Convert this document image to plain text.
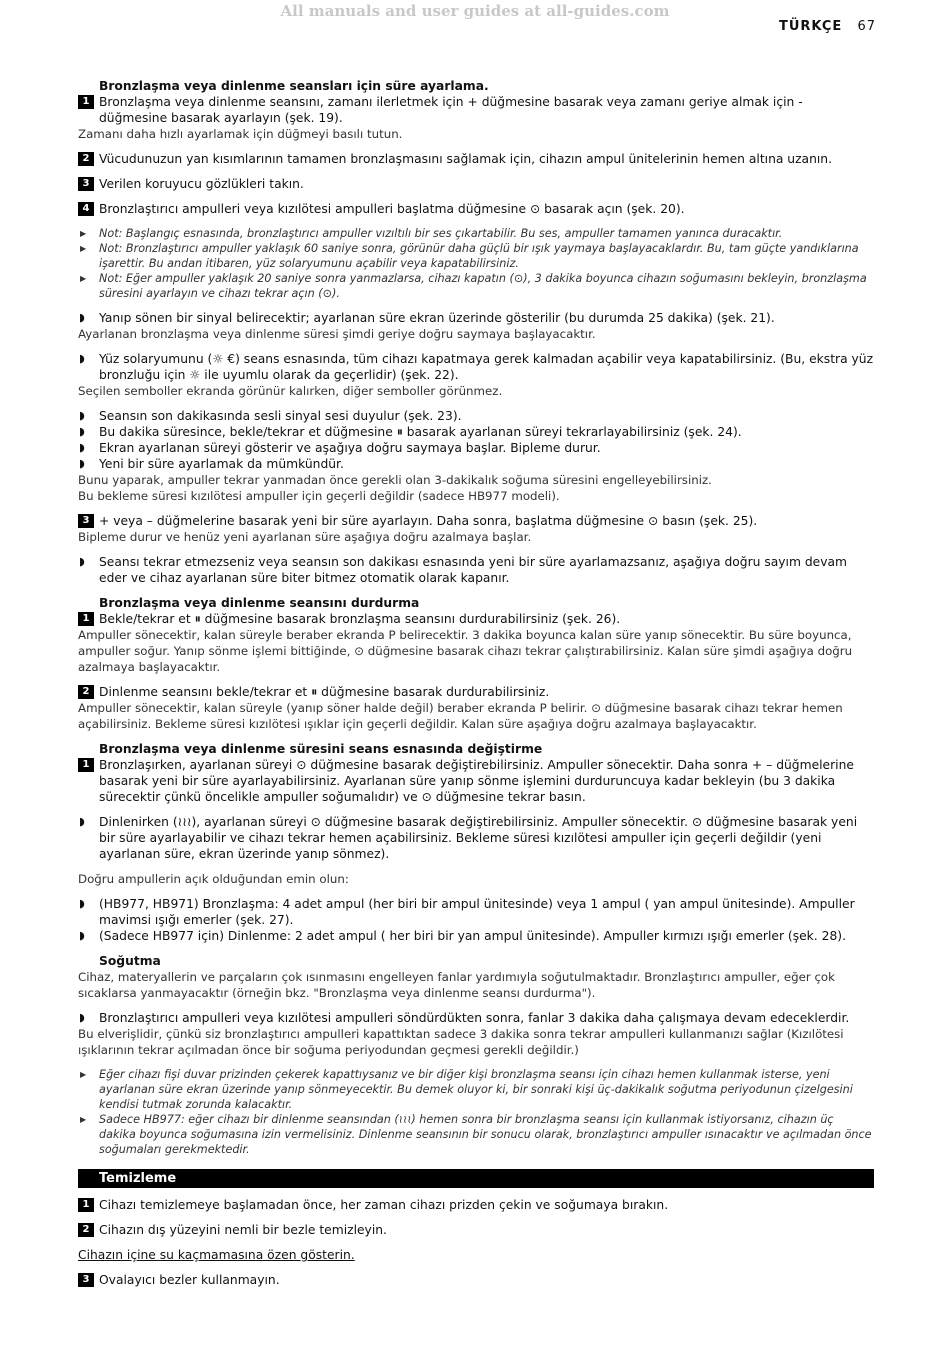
All manuals and user guides at all-guides.com
TÜRKÇE 67
Bronzlaşma veya dinlenme seansları için süre ayarlama.
1 Bronzlaşma veya dinlenme seansını, zamanı ilerletmek için + düğmesine basarak veya zamanı geriye almak için - düğmesine basarak ayarlayın (şek. 19).
Zamanı daha hızlı ayarlamak için düğmeyi basılı tutun.
2 Vücudunuzun yan kısımlarının tamamen bronzlaşmasını sağlamak için, cihazın ampul ünitelerinin hemen altına uzanın.
3 Verilen koruyucu gözlükleri takın.
4 Bronzlaştırıcı ampulleri veya kızılötesi ampulleri başlatma düğmesine ⊙ basarak açın (şek. 20).
▶ Not: Başlangıç esnasında, bronzlaştırıcı ampuller vızıltılı bir ses çıkartabilir. Bu ses, ampuller tamamen yanınca duracaktır.
▶ Not: Bronzlaştırıcı ampuller yaklaşık 60 saniye sonra, görünür daha güçlü bir ışık yaymaya başlayacaklardır. Bu, tam güçte yandıklarına işarettir. Bu andan itibaren, yüz solaryumunu açabilir veya kapatabilirsiniz.
▶ Not: Eğer ampuller yaklaşık 20 saniye sonra yanmazlarsa, cihazı kapatın (⊙), 3 dakika boyunca cihazın soğumasını bekleyin, bronzlaşma süresini ayarlayın ve cihazı tekrar açın (⊙).
◗ Yanıp sönen bir sinyal belirecektir; ayarlanan süre ekran üzerinde gösterilir (bu durumda 25 dakika) (şek. 21).
Ayarlanan bronzlaşma veya dinlenme süresi şimdi geriye doğru saymaya başlayacaktır.
◗ Yüz solaryumunu (☼ €) seans esnasında, tüm cihazı kapatmaya gerek kalmadan açabilir veya kapatabilirsiniz. (Bu, ekstra yüz bronzluğu için ☼ ile uyumlu olarak da geçerlidir) (şek. 22).
Seçilen semboller ekranda görünür kalırken, diğer semboller görünmez.
◗ Seansın son dakikasında sesli sinyal sesi duyulur (şek. 23).
◗ Bu dakika süresince, bekle/tekrar et düğmesine ⏸ basarak ayarlanan süreyi tekrarlayabilirsiniz (şek. 24).
◗ Ekran ayarlanan süreyi gösterir ve aşağıya doğru saymaya başlar. Bipleme durur.
◗ Yeni bir süre ayarlamak da mümkündür.
Bunu yaparak, ampuller tekrar yanmadan önce gerekli olan 3-dakikalık soğuma süresini engelleyebilirsiniz.
Bu bekleme süresi kızılötesi ampuller için geçerli değildir (sadece HB977 modeli).
3 + veya – düğmelerine basarak yeni bir süre ayarlayın. Daha sonra, başlatma düğmesine ⊙ basın (şek. 25).
Bipleme durur ve henüz yeni ayarlanan süre aşağıya doğru azalmaya başlar.
◗ Seansı tekrar etmezseniz veya seansın son dakikası esnasında yeni bir süre ayarlamazsanız, aşağıya doğru sayım devam eder ve cihaz ayarlanan süre biter bitmez otomatik olarak kapanır.
Bronzlaşma veya dinlenme seansını durdurma
1 Bekle/tekrar et ⏸ düğmesine basarak bronzlaşma seansını durdurabilirsiniz (şek. 26).
Ampuller sönecektir, kalan süreyle beraber ekranda P belirecektir. 3 dakika boyunca kalan süre yanıp sönecektir. Bu süre boyunca, ampuller soğur. Yanıp sönme işlemi bittiğinde, ⊙ düğmesine basarak cihazı tekrar çalıştırabilirsiniz. Kalan süre şimdi aşağıya doğru azalmaya başlayacaktır.
2 Dinlenme seansını bekle/tekrar et ⏸ düğmesine basarak durdurabilirsiniz.
Ampuller sönecektir, kalan süreyle (yanıp söner halde değil) beraber ekranda P belirir. ⊙ düğmesine basarak cihazı tekrar hemen açabilirsiniz. Bekleme süresi kızılötesi ışıklar için geçerli değildir. Kalan süre aşağıya doğru azalmaya başlayacaktır.
Bronzlaşma veya dinlenme süresini seans esnasında değiştirme
1 Bronzlaşırken, ayarlanan süreyi ⊙ düğmesine basarak değiştirebilirsiniz. Ampuller sönecektir. Daha sonra + – düğmelerine basarak yeni bir süre ayarlayabilirsiniz. Ayarlanan süre yanıp sönme işlemini durduruncuya kadar bekleyin (bu 3 dakika sürecektir çünkü öncelikle ampuller soğumalıdır) ve ⊙ düğmesine tekrar basın.
◗ Dinlenirken (≀≀≀), ayarlanan süreyi ⊙ düğmesine basarak değiştirebilirsiniz. Ampuller sönecektir. ⊙ düğmesine basarak yeni bir süre ayarlayabilir ve cihazı tekrar hemen açabilirsiniz. Bekleme süresi kızılötesi ampuller için geçerli değildir (yeni ayarlanan süre, ekran üzerinde yanıp sönmez).
Doğru ampullerin açık olduğundan emin olun:
◗ (HB977, HB971) Bronzlaşma: 4 adet ampul (her biri bir ampul ünitesinde) veya 1 ampul ( yan ampul ünitesinde). Ampuller mavimsi ışığı emerler (şek. 27).
◗ (Sadece HB977 için) Dinlenme: 2 adet ampul ( her biri bir yan ampul ünitesinde). Ampuller kırmızı ışığı emerler (şek. 28).
Soğutma
Cihaz, materyallerin ve parçaların çok ısınmasını engelleyen fanlar yardımıyla soğutulmaktadır. Bronzlaştırıcı ampuller, eğer çok sıcaklarsa yanmayacaktır (örneğin bkz. "Bronzlaşma veya dinlenme seansı durdurma").
◗ Bronzlaştırıcı ampulleri veya kızılötesi ampulleri söndürdükten sonra, fanlar 3 dakika daha çalışmaya devam edeceklerdir.
Bu elverişlidir, çünkü siz bronzlaştırıcı ampulleri kapattıktan sadece 3 dakika sonra tekrar ampulleri kullanmanızı sağlar (Kızılötesi ışıklarının tekrar açılmadan önce bir soğuma periyodundan geçmesi gerekli değildir.)
▶ Eğer cihazı fişi duvar prizinden çekerek kapattıysanız ve bir diğer kişi bronzlaşma seansı için cihazı hemen kullanmak isterse, yeni ayarlanan süre ekran üzerinde yanıp sönmeyecektir. Bu demek oluyor ki, bir sonraki kişi üç-dakikalık soğutma periyodunun çizelgesini kendisi tutmak zorunda kalacaktır.
▶ Sadece HB977: eğer cihazı bir dinlenme seansından (≀≀≀) hemen sonra bir bronzlaşma seansı için kullanmak istiyorsanız, cihazın üç dakika boyunca soğumasına izin vermelisiniz. Dinlenme seansının bir sonucu olarak, bronzlaştırıcı ampuller ısınacaktır ve açılmadan önce soğumaları gerekmektedir.
Temizleme
1 Cihazı temizlemeye başlamadan önce, her zaman cihazı prizden çekin ve soğumaya bırakın.
2 Cihazın dış yüzeyini nemli bir bezle temizleyin.
Cihazın içine su kaçmamasına özen gösterin.
3 Ovalayıcı bezler kullanmayın.
